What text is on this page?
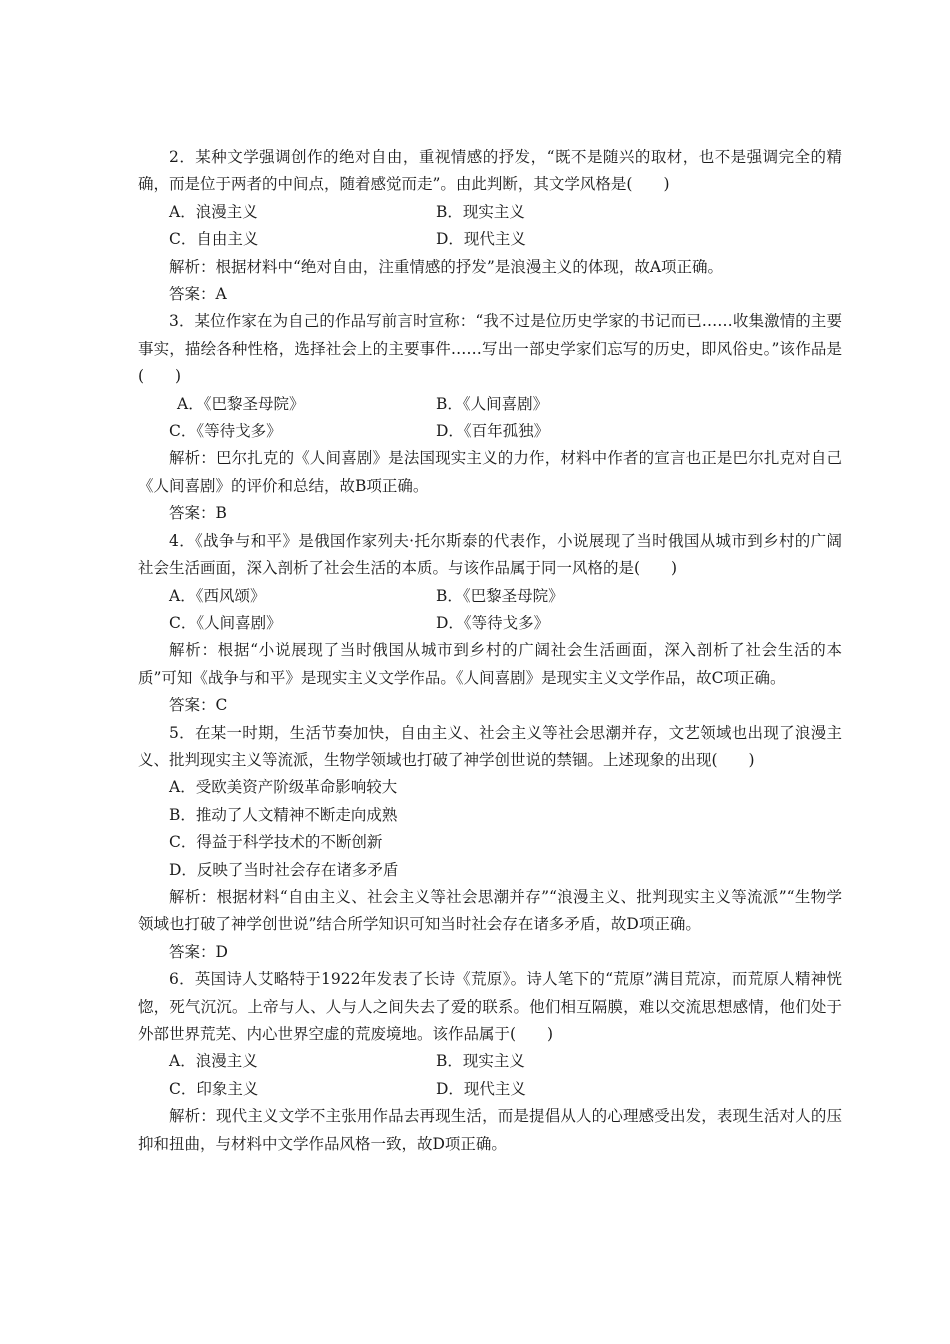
2．某种文学强调创作的绝对自由，重视情感的抒发，“既不是随兴的取材，也不是强调完全的精确，而是位于两者的中间点，随着感觉而走”。由此判断，其文学风格是(　　)

A．浪漫主义	B．现实主义

C．自由主义	D．现代主义

解析：根据材料中“绝对自由，注重情感的抒发”是浪漫主义的体现，故A项正确。

答案：A

3．某位作家在为自己的作品写前言时宣称：“我不过是位历史学家的书记而已……收集激情的主要事实，描绘各种性格，选择社会上的主要事件……写出一部史学家们忘写的历史，即风俗史。”该作品是(　　)

A．《巴黎圣母院》	B．《人间喜剧》

C．《等待戈多》	D．《百年孤独》

解析：巴尔扎克的《人间喜剧》是法国现实主义的力作，材料中作者的宣言也正是巴尔扎克对自己《人间喜剧》的评价和总结，故B项正确。

答案：B

4．《战争与和平》是俄国作家列夫·托尔斯泰的代表作，小说展现了当时俄国从城市到乡村的广阔社会生活画面，深入剖析了社会生活的本质。与该作品属于同一风格的是(　　)

A．《西风颂》	B．《巴黎圣母院》

C．《人间喜剧》	D．《等待戈多》

解析：根据“小说展现了当时俄国从城市到乡村的广阔社会生活画面，深入剖析了社会生活的本质”可知《战争与和平》是现实主义文学作品。《人间喜剧》是现实主义文学作品，故C项正确。

答案：C

5．在某一时期，生活节奏加快，自由主义、社会主义等社会思潮并存，文艺领域也出现了浪漫主义、批判现实主义等流派，生物学领域也打破了神学创世说的禁锢。上述现象的出现(　　)

A．受欧美资产阶级革命影响较大

B．推动了人文精神不断走向成熟

C．得益于科学技术的不断创新

D．反映了当时社会存在诸多矛盾

解析：根据材料“自由主义、社会主义等社会思潮并存”“浪漫主义、批判现实主义等流派”“生物学领域也打破了神学创世说”结合所学知识可知当时社会存在诸多矛盾，故D项正确。

答案：D

6．英国诗人艾略特于1922年发表了长诗《荒原》。诗人笔下的“荒原”满目荒凉，而荒原人精神恍惚，死气沉沉。上帝与人、人与人之间失去了爱的联系。他们相互隔膜，难以交流思想感情，他们处于外部世界荒芜、内心世界空虚的荒废境地。该作品属于(　　)

A．浪漫主义	B．现实主义

C．印象主义	D．现代主义

解析：现代主义文学不主张用作品去再现生活，而是提倡从人的心理感受出发，表现生活对人的压抑和扭曲，与材料中文学作品风格一致，故D项正确。
